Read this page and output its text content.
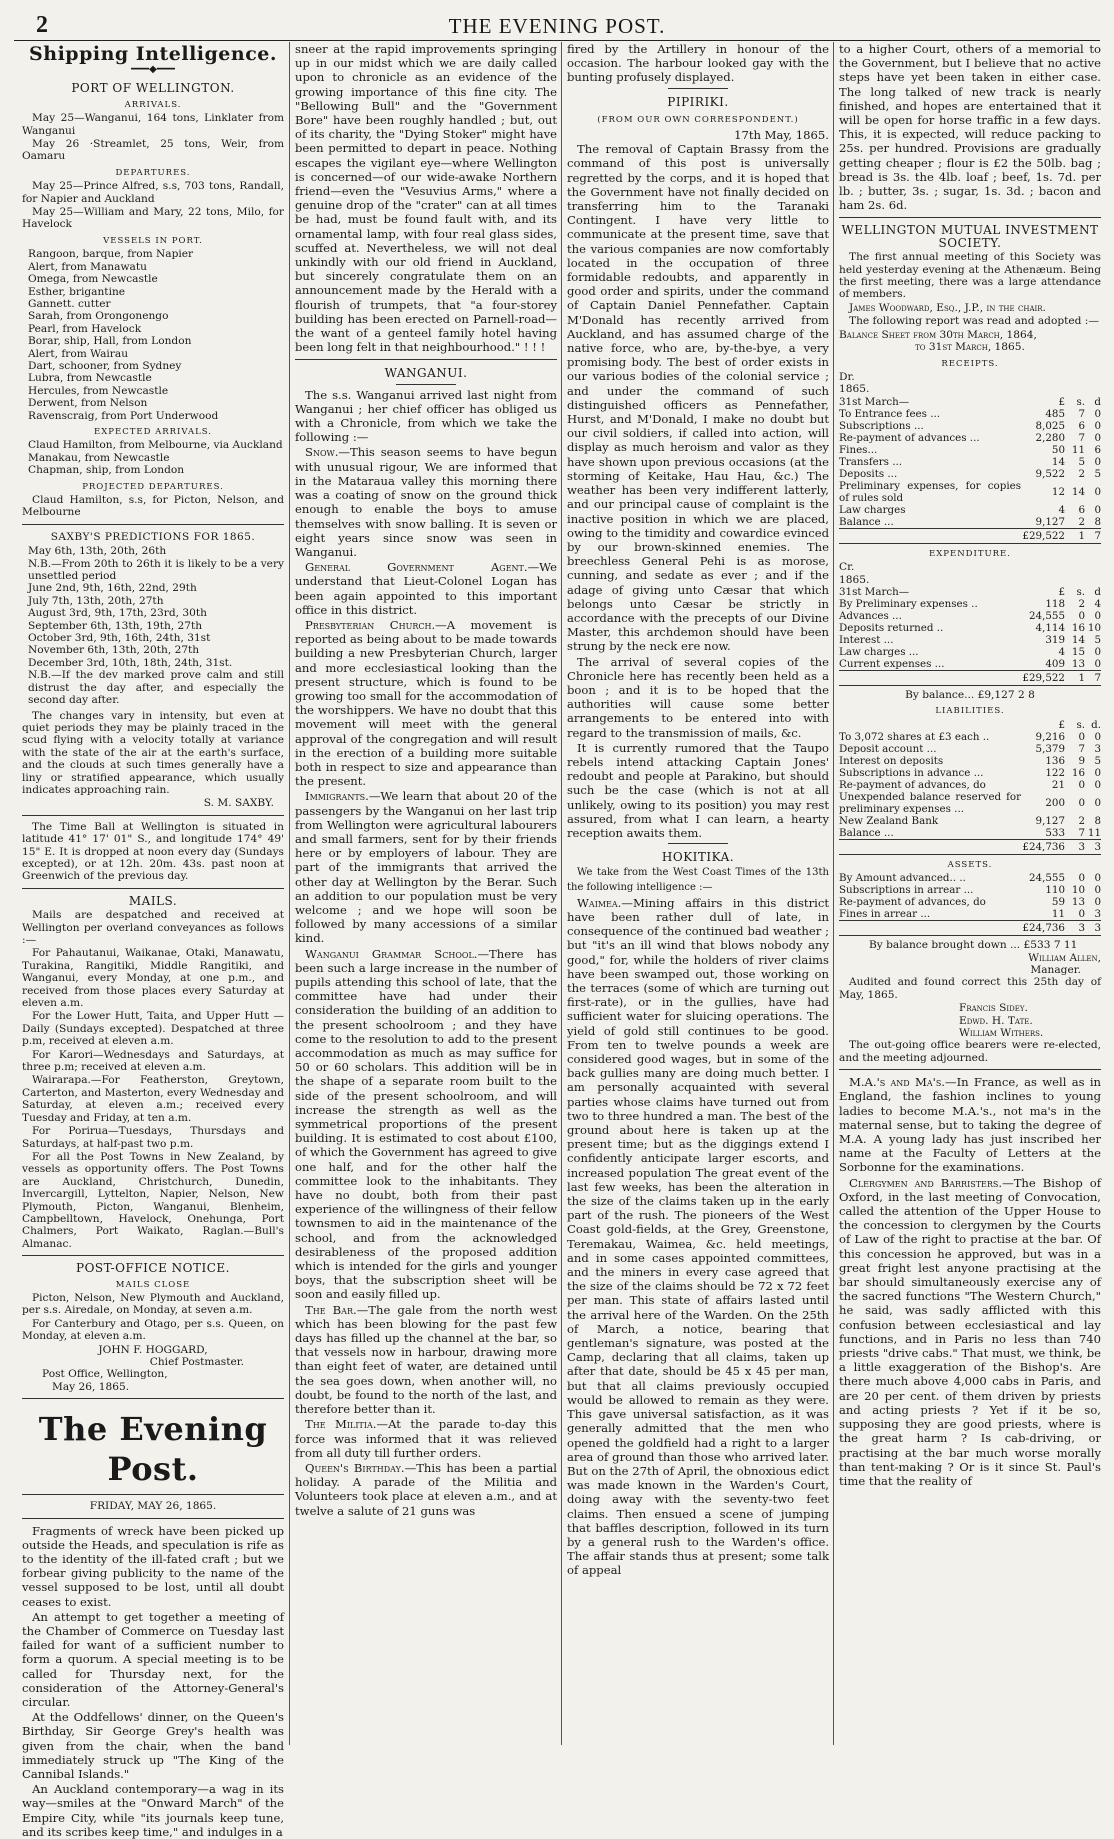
2	THE EVENING POST.
Shipping Intelligence.
━━━◆━━━
PORT OF WELLINGTON.
ARRIVALS.

May 25—Wanganui, 164 tons, Linklater from Wanganui

May 26 ·Streamlet, 25 tons, Weir, from Oamaru

DEPARTURES.

May 25—Prince Alfred, s.s, 703 tons, Randall, for Napier and Auckland

May 25—William and Mary, 22 tons, Milo, for Havelock

VESSELS IN PORT.
Rangoon, barque, from Napier
Alert, from Manawatu
Omega, from Newcastle
Esther, brigantine
Gannett. cutter
Sarah, from Orongonengo
Pearl, from Havelock
Borar, ship, Hall, from London
Alert, from Wairau
Dart, schooner, from Sydney
Lubra, from Newcastle
Hercules, from Newcastle
Derwent, from Nelson
Ravenscraig, from Port Underwood
EXPECTED ARRIVALS.
Claud Hamilton, from Melbourne, via Auckland
Manakau, from Newcastle
Chapman, ship, from London
PROJECTED DEPARTURES.

Claud Hamilton, s.s, for Picton, Nelson, and Melbourne

SAXBY'S PREDICTIONS FOR 1865.
May 6th, 13th, 20th, 26th
N.B.—From 20th to 26th it is likely to be a very unsettled period
June 2nd, 9th, 16th, 22nd, 29th
July 7th, 13th, 20th, 27th
August 3rd, 9th, 17th, 23rd, 30th
September 6th, 13th, 19th, 27th
October 3rd, 9th, 16th, 24th, 31st
November 6th, 13th, 20th, 27th
December 3rd, 10th, 18th, 24th, 31st.
N.B.—If the dev marked prove calm and still distrust the day after, and especially the second day after.

The changes vary in intensity, but even at quiet periods they may be plainly traced in the scud flying with a velocity totally at variance with the state of the air at the earth's surface, and the clouds at such times generally have a liny or stratified appearance, which usually indicates approaching rain.

S. M. SAXBY.

The Time Ball at Wellington is situated in latitude 41° 17' 01" S., and longitude 174° 49' 15" E. It is dropped at noon every day (Sundays excepted), or at 12h. 20m. 43s. past noon at Greenwich of the previous day.

MAILS.

Mails are despatched and received at Wellington per overland conveyances as follows :—

For Pahautanui, Waikanae, Otaki, Manawatu, Turakina, Rangitiki, Middle Rangitiki, and Wanganui, every Monday, at one p.m., and received from those places every Saturday at eleven a.m.

For the Lower Hutt, Taita, and Upper Hutt —Daily (Sundays excepted). Despatched at three p.m, received at eleven a.m.

For Karori—Wednesdays and Saturdays, at three p.m; received at eleven a.m.

Wairarapa.—For Featherston, Greytown, Carterton, and Masterton, every Wednesday and Saturday, at eleven a.m.; received every Tuesday and Friday, at ten a.m.

For Porirua—Tuesdays, Thursdays and Saturdays, at half-past two p.m.

For all the Post Towns in New Zealand, by vessels as opportunity offers. The Post Towns are Auckland, Christchurch, Dunedin, Invercargill, Lyttelton, Napier, Nelson, New Plymouth, Picton, Wanganui, Blenheim, Campbelltown, Havelock, Onehunga, Port Chalmers, Port Waikato, Raglan.—Bull's Almanac.

POST-OFFICE NOTICE.
MAILS CLOSE

Picton, Nelson, New Plymouth and Auckland, per s.s. Airedale, on Monday, at seven a.m.

For Canterbury and Otago, per s.s. Queen, on Monday, at eleven a.m.

JOHN F. HOGGARD,
Chief Postmaster.
Post Office, Wellington,
May 26, 1865.
The Evening Post.
FRIDAY, MAY 26, 1865.

Fragments of wreck have been picked up outside the Heads, and speculation is rife as to the identity of the ill-fated craft ; but we forbear giving publicity to the name of the vessel supposed to be lost, until all doubt ceases to exist.

An attempt to get together a meeting of the Chamber of Commerce on Tuesday last failed for want of a sufficient number to form a quorum. A special meeting is to be called for Thursday next, for the consideration of the Attorney-General's circular.

At the Oddfellows' dinner, on the Queen's Birthday, Sir George Grey's health was given from the chair, when the band immediately struck up "The King of the Cannibal Islands."

An Auckland contemporary—a wag in its way—smiles at the "Onward March" of the Empire City, while "its journals keep tune, and its scribes keep time," and indulges in a

sneer at the rapid improvements springing up in our midst which we are daily called upon to chronicle as an evidence of the growing importance of this fine city. The "Bellowing Bull" and the "Government Bore" have been roughly handled ; but, out of its charity, the "Dying Stoker" might have been permitted to depart in peace. Nothing escapes the vigilant eye—where Wellington is concerned—of our wide-awake Northern friend—even the "Vesuvius Arms," where a genuine drop of the "crater" can at all times be had, must be found fault with, and its ornamental lamp, with four real glass sides, scuffed at. Nevertheless, we will not deal unkindly with our old friend in Auckland, but sincerely congratulate them on an announcement made by the Herald with a flourish of trumpets, that "a four-storey building has been erected on Parnell-road—the want of a genteel family hotel having been long felt in that neighbourhood." ! ! !

WANGANUI.

The s.s. Wanganui arrived last night from Wanganui ; her chief officer has obliged us with a Chronicle, from which we take the following :—

Snow.—This season seems to have begun with unusual rigour, We are informed that in the Mataraua valley this morning there was a coating of snow on the ground thick enough to enable the boys to amuse themselves with snow balling. It is seven or eight years since snow was seen in Wanganui.

General Government Agent.—We understand that Lieut-Colonel Logan has been again appointed to this important office in this district.

Presbyterian Church.—A movement is reported as being about to be made towards building a new Presbyterian Church, larger and more ecclesiastical looking than the present structure, which is found to be growing too small for the accommodation of the worshippers. We have no doubt that this movement will meet with the general approval of the congregation and will result in the erection of a building more suitable both in respect to size and appearance than the present.

Immigrants.—We learn that about 20 of the passengers by the Wanganui on her last trip from Wellington were agricultural labourers and small farmers, sent for by their friends here or by employers of labour. They are part of the immigrants that arrived the other day at Wellington by the Berar. Such an addition to our population must be very welcome ; and we hope will soon be followed by many accessions of a similar kind.

Wanganui Grammar School.—There has been such a large increase in the number of pupils attending this school of late, that the committee have had under their consideration the building of an addition to the present schoolroom ; and they have come to the resolution to add to the present accommodation as much as may suffice for 50 or 60 scholars. This addition will be in the shape of a separate room built to the side of the present schoolroom, and will increase the strength as well as the symmetrical proportions of the present building. It is estimated to cost about £100, of which the Government has agreed to give one half, and for the other half the committee look to the inhabitants. They have no doubt, both from their past experience of the willingness of their fellow townsmen to aid in the maintenance of the school, and from the acknowledged desirableness of the proposed addition which is intended for the girls and younger boys, that the subscription sheet will be soon and easily filled up.

The Bar.—The gale from the north west which has been blowing for the past few days has filled up the channel at the bar, so that vessels now in harbour, drawing more than eight feet of water, are detained until the sea goes down, when another will, no doubt, be found to the north of the last, and therefore better than it.

The Militia.—At the parade to-day this force was informed that it was relieved from all duty till further orders.

Queen's Birthday.—This has been a partial holiday. A parade of the Militia and Volunteers took place at eleven a.m., and at twelve a salute of 21 guns was

fired by the Artillery in honour of the occasion. The harbour looked gay with the bunting profusely displayed.

PIPIRIKI.
(FROM OUR OWN CORRESPONDENT.)
17th May, 1865.

The removal of Captain Brassy from the command of this post is universally regretted by the corps, and it is hoped that the Government have not finally decided on transferring him to the Taranaki Contingent. I have very little to communicate at the present time, save that the various companies are now comfortably located in the occupation of three formidable redoubts, and apparently in good order and spirits, under the command of Captain Daniel Pennefather. Captain M'Donald has recently arrived from Auckland, and has assumed charge of the native force, who are, by-the-bye, a very promising body. The best of order exists in our various bodies of the colonial service ; and under the command of such distinguished officers as Pennefather, Hurst, and M'Donald, I make no doubt but our civil soldiers, if called into action, will display as much heroism and valor as they have shown upon previous occasions (at the storming of Keitake, Hau Hau, &c.) The weather has been very indifferent latterly, and our principal cause of complaint is the inactive position in which we are placed, owing to the timidity and cowardice evinced by our brown-skinned enemies. The breechless General Pehi is as morose, cunning, and sedate as ever ; and if the adage of giving unto Cæsar that which belongs unto Cæsar be strictly in accordance with the precepts of our Divine Master, this archdemon should have been strung by the neck ere now.

The arrival of several copies of the Chronicle here has recently been held as a boon ; and it is to be hoped that the authorities will cause some better arrangements to be entered into with regard to the transmission of mails, &c.

It is currently rumored that the Taupo rebels intend attacking Captain Jones' redoubt and people at Parakino, but should such be the case (which is not at all unlikely, owing to its position) you may rest assured, from what I can learn, a hearty reception awaits them.

HOKITIKA.

We take from the West Coast Times of the 13th the following intelligence :—

Waimea.—Mining affairs in this district have been rather dull of late, in consequence of the continued bad weather ; but "it's an ill wind that blows nobody any good," for, while the holders of river claims have been swamped out, those working on the terraces (some of which are turning out first-rate), or in the gullies, have had sufficient water for sluicing operations. The yield of gold still continues to be good. From ten to twelve pounds a week are considered good wages, but in some of the back gullies many are doing much better. I am personally acquainted with several parties whose claims have turned out from two to three hundred a man. The best of the ground about here is taken up at the present time; but as the diggings extend I confidently anticipate larger escorts, and increased population The great event of the last few weeks, has been the alteration in the size of the claims taken up in the early part of the rush. The pioneers of the West Coast gold-fields, at the Grey, Greenstone, Teremakau, Waimea, &c. held meetings, and in some cases appointed committees, and the miners in every case agreed that the size of the claims should be 72 x 72 feet per man. This state of affairs lasted until the arrival here of the Warden. On the 25th of March, a notice, bearing that gentleman's signature, was posted at the Camp, declaring that all claims, taken up after that date, should be 45 x 45 per man, but that all claims previously occupied would be allowed to remain as they were. This gave universal satisfaction, as it was generally admitted that the men who opened the goldfield had a right to a larger area of ground than those who arrived later. But on the 27th of April, the obnoxious edict was made known in the Warden's Court, doing away with the seventy-two feet claims. Then ensued a scene of jumping that baffles description, followed in its turn by a general rush to the Warden's office. The affair stands thus at present; some talk of appeal

to a higher Court, others of a memorial to the Government, but I believe that no active steps have yet been taken in either case. The long talked of new track is nearly finished, and hopes are entertained that it will be open for horse traffic in a few days. This, it is expected, will reduce packing to 25s. per hundred. Provisions are gradually getting cheaper ; flour is £2 the 50lb. bag ; bread is 3s. the 4lb. loaf ; beef, 1s. 7d. per lb. ; butter, 3s. ; sugar, 1s. 3d. ; bacon and ham 2s. 6d.

WELLINGTON MUTUAL INVESTMENT SOCIETY.

The first annual meeting of this Society was held yesterday evening at the Athenæum. Being the first meeting, there was a large attendance of members.

James Woodward, Esq., J.P., in the chair.

The following report was read and adopted :—

Balance Sheet from 30th March, 1864,
to 31st March, 1865.
RECEIPTS.
Dr.
1865.
31st March—	£	s.	d
To Entrance fees ...	485	7	0
Subscriptions ...	8,025	6	0
Re-payment of advances ...	2,280	7	0
Fines...	50	11	6
Transfers ...	14	5	0
Deposits ...	9,522	2	5
Preliminary expenses, for copies of rules sold	12	14	0
Law charges	4	6	0
Balance ...	9,127	2	8
	£29,522	1	7
EXPENDITURE.
Cr.
1865.
31st March—	£	s.	d
By Preliminary expenses ..	118	2	4
Advances ...	24,555	0	0
Deposits returned ..	4,114	16	10
Interest ...	319	14	5
Law charges ...	4	15	0
Current expenses ...	409	13	0
	£29,522	1	7
By balance... £9,127 2 8
LIABILITIES.
	£	s.	d.
To 3,072 shares at £3 each ..	9,216	0	0
Deposit account ...	5,379	7	3
Interest on deposits	136	9	5
Subscriptions in advance ...	122	16	0
Re-payment of advances, do	21	0	0
Unexpended balance reserved for preliminary expenses ...	200	0	0
New Zealand Bank	9,127	2	8
Balance ...	533	7	11
	£24,736	3	3
ASSETS.
By Amount advanced.. ..	24,555	0	0
Subscriptions in arrear ...	110	10	0
Re-payment of advances, do	59	13	0
Fines in arrear ...	11	0	3
	£24,736	3	3
By balance brought down ... £533 7 11
William Allen,
Manager.

Audited and found correct this 25th day of May, 1865.

Francis Sidey.
Edwd. H. Tate.
William Withers.

The out-going office bearers were re-elected, and the meeting adjourned.

M.A.'s and Ma's.—In France, as well as in England, the fashion inclines to young ladies to become M.A.'s., not ma's in the maternal sense, but to taking the degree of M.A. A young lady has just inscribed her name at the Faculty of Letters at the Sorbonne for the examinations.

Clergymen and Barristers.—The Bishop of Oxford, in the last meeting of Convocation, called the attention of the Upper House to the concession to clergymen by the Courts of Law of the right to practise at the bar. Of this concession he approved, but was in a great fright lest anyone practising at the bar should simultaneously exercise any of the sacred functions "The Western Church," he said, was sadly afflicted with this confusion between ecclesiastical and lay functions, and in Paris no less than 740 priests "drive cabs." That must, we think, be a little exaggeration of the Bishop's. Are there much above 4,000 cabs in Paris, and are 20 per cent. of them driven by priests and acting priests ? Yet if it be so, supposing they are good priests, where is the great harm ? Is cab-driving, or practising at the bar much worse morally than tent-making ? Or is it since St. Paul's time that the reality of
